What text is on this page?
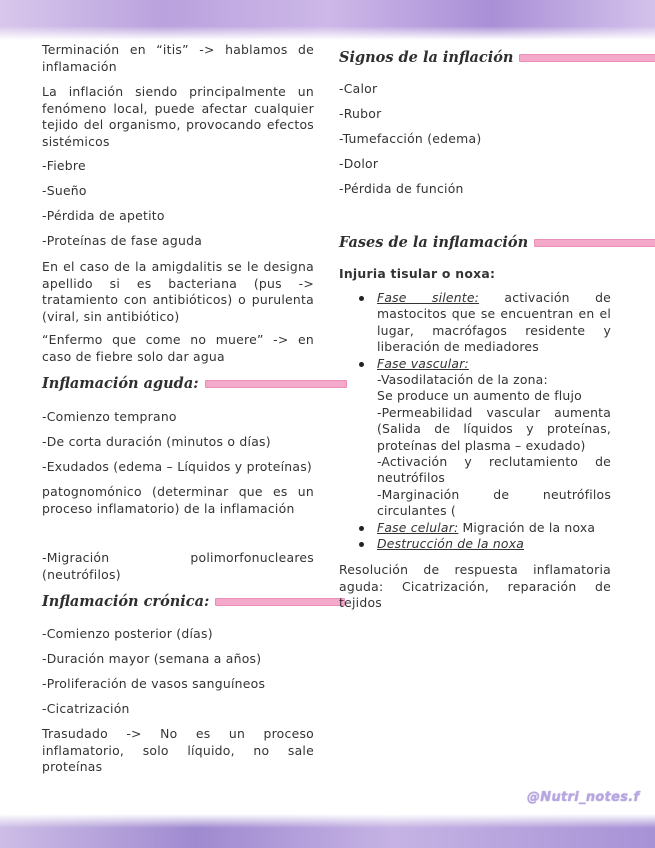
Terminación en “itis” -> hablamos de inflamación

La inflación siendo principalmente un fenómeno local, puede afectar cualquier tejido del organismo, provocando efectos sistémicos

-Fiebre

-Sueño

-Pérdida de apetito

-Proteínas de fase aguda

En el caso de la amigdalitis se le designa apellido si es bacteriana (pus -> tratamiento con antibióticos) o purulenta (viral, sin antibiótico)

“Enfermo que come no muere” -> en caso de fiebre solo dar agua

Inflamación aguda:

-Comienzo temprano

-De corta duración (minutos o días)

-Exudados (edema – Líquidos y proteínas)

patognomónico (determinar que es un proceso inflamatorio) de la inflamación

-Migración polimorfonucleares (neutrófilos)

Inflamación crónica:

-Comienzo posterior (días)

-Duración mayor (semana a años)

-Proliferación de vasos sanguíneos

-Cicatrización

Trasudado -> No es un proceso inflamatorio, solo líquido, no sale proteínas

Signos de la inflación

-Calor

-Rubor

-Tumefacción (edema)

-Dolor

-Pérdida de función

Fases de la inflamación

Injuria tisular o noxa:

Fase silente: activación de mastocitos que se encuentran en el lugar, macrófagos residente y liberación de mediadores
Fase vascular:
-Vasodilatación de la zona:
Se produce un aumento de flujo
-Permeabilidad vascular aumenta (Salida de líquidos y proteínas, proteínas del plasma – exudado)
-Activación y reclutamiento de neutrófilos
-Marginación de neutrófilos circulantes (
Fase celular: Migración de la noxa
Destrucción de la noxa

Resolución de respuesta inflamatoria aguda: Cicatrización, reparación de tejidos

@Nutri_notes.f
